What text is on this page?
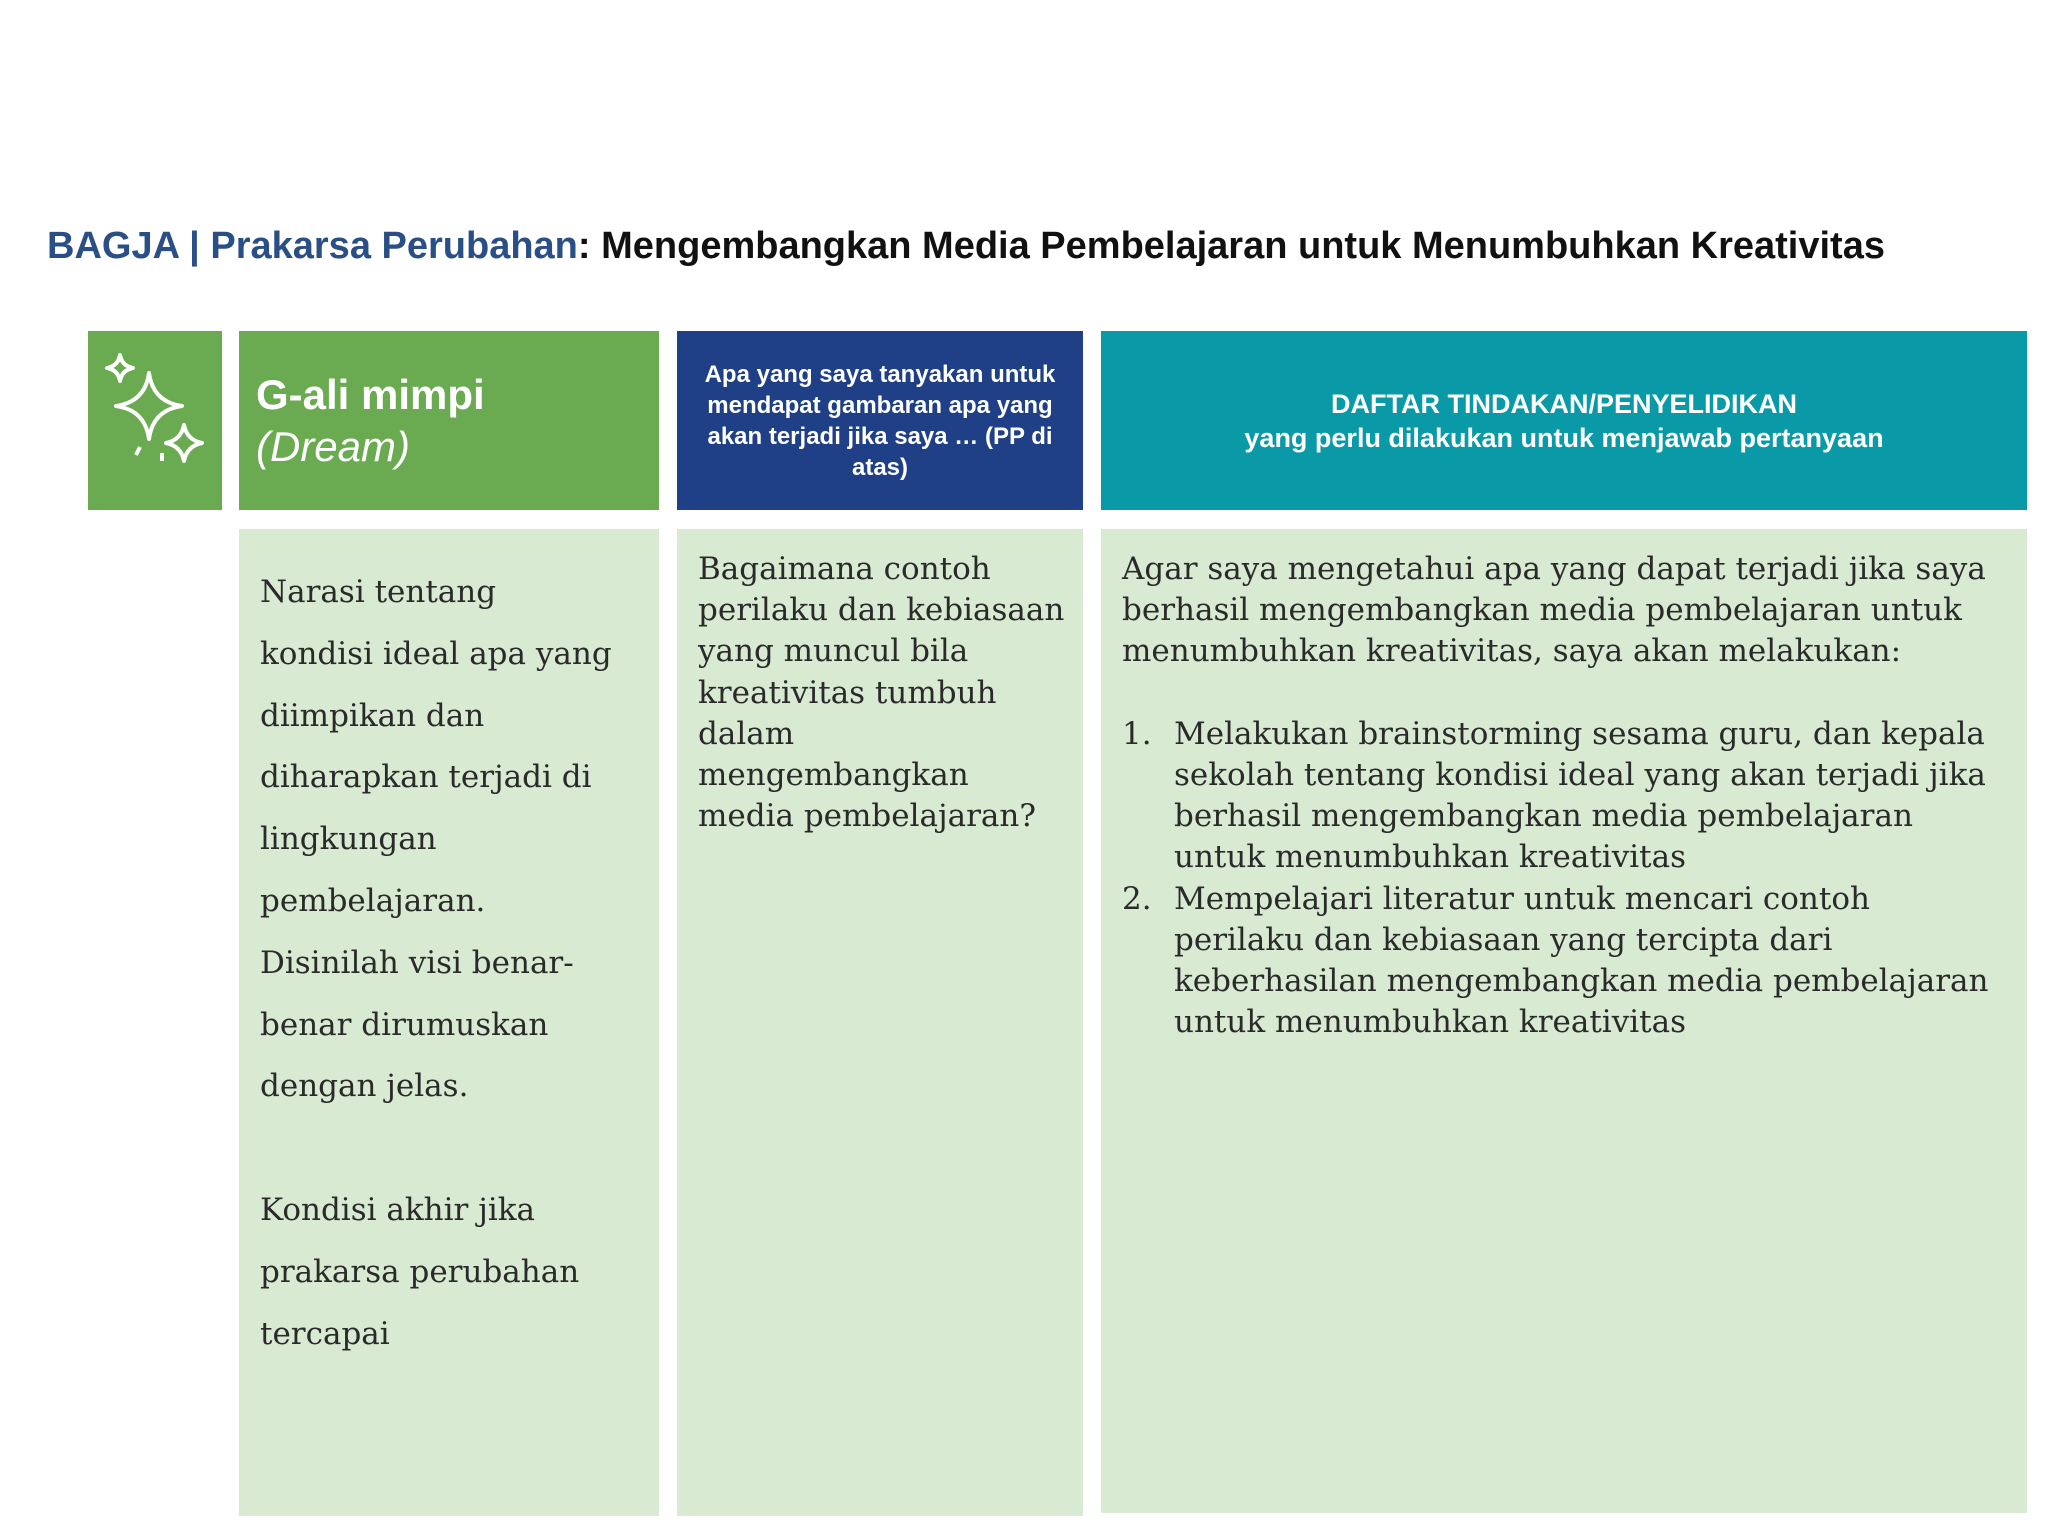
BAGJA | Prakarsa Perubahan: Mengembangkan Media Pembelajaran untuk Menumbuhkan Kreativitas
G-ali mimpi
(Dream)
Apa yang saya tanyakan untuk mendapat gambaran apa yang akan terjadi jika saya … (PP di atas)
DAFTAR TINDAKAN/PENYELIDIKAN
yang perlu dilakukan untuk menjawab pertanyaan

Narasi tentang

kondisi ideal apa yang

diimpikan dan

diharapkan terjadi di

lingkungan

pembelajaran.

Disinilah visi benar-

benar dirumuskan

dengan jelas.

Kondisi akhir jika

prakarsa perubahan

tercapai

Bagaimana contoh perilaku dan kebiasaan yang muncul bila kreativitas tumbuh dalam mengembangkan media pembelajaran?

Agar saya mengetahui apa yang dapat terjadi jika saya berhasil mengembangkan media pembelajaran untuk menumbuhkan kreativitas, saya akan melakukan:

1. Melakukan brainstorming sesama guru, dan kepala sekolah tentang kondisi ideal yang akan terjadi jika berhasil mengembangkan media pembelajaran untuk menumbuhkan kreativitas
2. Mempelajari literatur untuk mencari contoh perilaku dan kebiasaan yang tercipta dari keberhasilan mengembangkan media pembelajaran untuk menumbuhkan kreativitas
